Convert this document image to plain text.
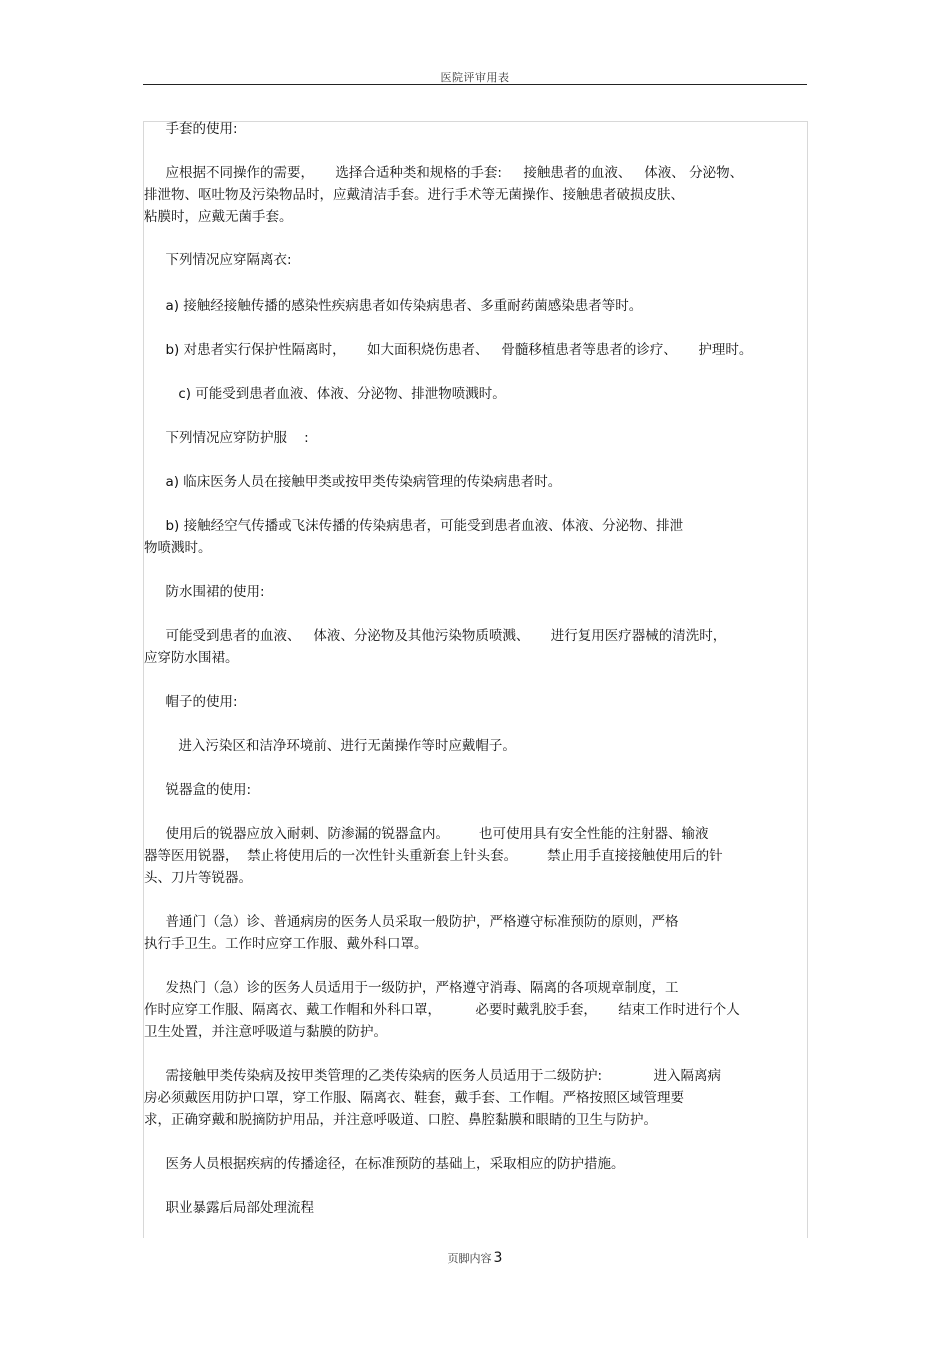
医院评审用表
手套的使用:
应根据不同操作的需要，     选择合适种类和规格的手套:     接触患者的血液、   体液、 分泌物、
排泄物、呕吐物及污染物品时，应戴清洁手套。进行手术等无菌操作、接触患者破损皮肤、
粘膜时，应戴无菌手套。
下列情况应穿隔离衣:
a) 接触经接触传播的感染性疾病患者如传染病患者、多重耐药菌感染患者等时。
b) 对患者实行保护性隔离时，     如大面积烧伤患者、   骨髓移植患者等患者的诊疗、     护理时。
c) 可能受到患者血液、体液、分泌物、排泄物喷溅时。
下列情况应穿防护服    :
a) 临床医务人员在接触甲类或按甲类传染病管理的传染病患者时。
b) 接触经空气传播或飞沫传播的传染病患者，可能受到患者血液、体液、分泌物、排泄
物喷溅时。
防水围裙的使用:
可能受到患者的血液、   体液、分泌物及其他污染物质喷溅、     进行复用医疗器械的清洗时，
应穿防水围裙。
帽子的使用:
进入污染区和洁净环境前、进行无菌操作等时应戴帽子。
锐器盒的使用:
使用后的锐器应放入耐刺、防渗漏的锐器盒内。       也可使用具有安全性能的注射器、输液
器等医用锐器，  禁止将使用后的一次性针头重新套上针头套。       禁止用手直接接触使用后的针
头、刀片等锐器。
普通门（急）诊、普通病房的医务人员采取一般防护，严格遵守标准预防的原则，严格
执行手卫生。工作时应穿工作服、戴外科口罩。
发热门（急）诊的医务人员适用于一级防护，严格遵守消毒、隔离的各项规章制度，工
作时应穿工作服、隔离衣、戴工作帽和外科口罩，        必要时戴乳胶手套，     结束工作时进行个人
卫生处置，并注意呼吸道与黏膜的防护。
需接触甲类传染病及按甲类管理的乙类传染病的医务人员适用于二级防护:            进入隔离病
房必须戴医用防护口罩，穿工作服、隔离衣、鞋套，戴手套、工作帽。严格按照区域管理要
求，正确穿戴和脱摘防护用品，并注意呼吸道、口腔、鼻腔黏膜和眼睛的卫生与防护。
医务人员根据疾病的传播途径，在标准预防的基础上，采取相应的防护措施。
职业暴露后局部处理流程
页脚内容 3
